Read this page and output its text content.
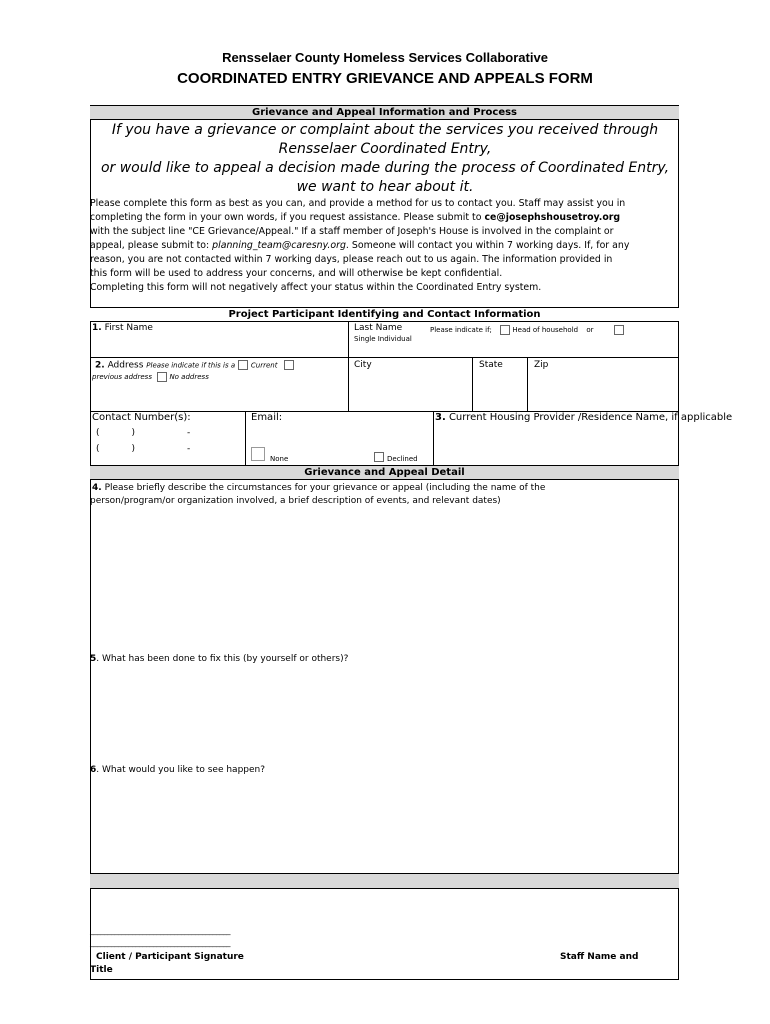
Rensselaer County Homeless Services Collaborative
COORDINATED ENTRY GRIEVANCE AND APPEALS FORM
Grievance and Appeal Information and Process
If you have a grievance or complaint about the services you received through
Rensselaer Coordinated Entry,
or would like to appeal a decision made during the process of Coordinated Entry,
we want to hear about it.
Please complete this form as best as you can, and provide a method for us to contact you. Staff may assist you in
completing the form in your own words, if you request assistance. Please submit to ce@josephshousetroy.org
with the subject line "CE Grievance/Appeal." If a staff member of Joseph's House is involved in the complaint or
appeal, please submit to: planning_team@caresny.org. Someone will contact you within 7 working days. If, for any
reason, you are not contacted within 7 working days, please reach out to us again. The information provided in
this form will be used to address your concerns, and will otherwise be kept confidential.
Completing this form will not negatively affect your status within the Coordinated Entry system.
Project Participant Identifying and Contact Information
1. First Name	Last Name	Please indicate if;	Head of household or
Single Individual
2. Address Please indicate if this is a Current
previous address No address
City	State	Zip
Contact Number(s):
(	)	-
(	)	-
Email:
None	Declined
3. Current Housing Provider /Residence Name, if applicable
Grievance and Appeal Detail
4. Please briefly describe the circumstances for your grievance or appeal (including the name of the
person/program/or organization involved, a brief description of events, and relevant dates)
5. What has been done to fix this (by yourself or others)?
6. What would you like to see happen?
________________________________________
________________________________________
Client / Participant Signature
Title
Staff Name and
